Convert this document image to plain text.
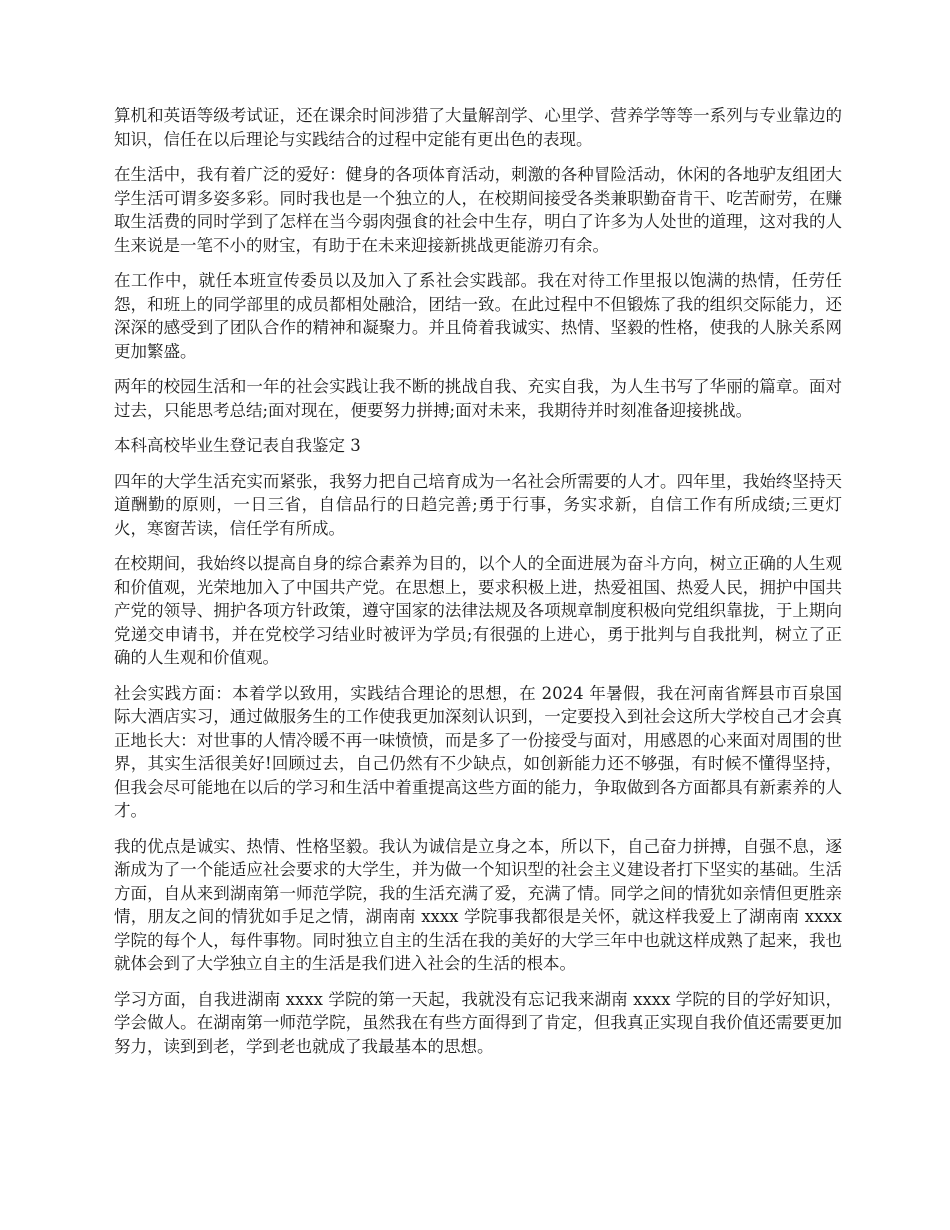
算机和英语等级考试证，还在课余时间涉猎了大量解剖学、心里学、营养学等等一系列与专业靠边的知识，信任在以后理论与实践结合的过程中定能有更出色的表现。

在生活中，我有着广泛的爱好：健身的各项体育活动，刺激的各种冒险活动，休闲的各地驴友组团大学生活可谓多姿多彩。同时我也是一个独立的人，在校期间接受各类兼职勤奋肯干、吃苦耐劳，在赚取生活费的同时学到了怎样在当今弱肉强食的社会中生存，明白了许多为人处世的道理，这对我的人生来说是一笔不小的财宝，有助于在未来迎接新挑战更能游刃有余。

在工作中，就任本班宣传委员以及加入了系社会实践部。我在对待工作里报以饱满的热情，任劳任怨，和班上的同学部里的成员都相处融洽，团结一致。在此过程中不但锻炼了我的组织交际能力，还深深的感受到了团队合作的精神和凝聚力。并且倚着我诚实、热情、坚毅的性格，使我的人脉关系网更加繁盛。

两年的校园生活和一年的社会实践让我不断的挑战自我、充实自我，为人生书写了华丽的篇章。面对过去，只能思考总结;面对现在，便要努力拼搏;面对未来，我期待并时刻准备迎接挑战。

本科高校毕业生登记表自我鉴定 3

四年的大学生活充实而紧张，我努力把自己培育成为一名社会所需要的人才。四年里，我始终坚持天道酬勤的原则，一日三省，自信品行的日趋完善;勇于行事，务实求新，自信工作有所成绩;三更灯火，寒窗苦读，信任学有所成。

在校期间，我始终以提高自身的综合素养为目的，以个人的全面进展为奋斗方向，树立正确的人生观和价值观，光荣地加入了中国共产党。在思想上，要求积极上进，热爱祖国、热爱人民，拥护中国共产党的领导、拥护各项方针政策，遵守国家的法律法规及各项规章制度积极向党组织靠拢，于上期向党递交申请书，并在党校学习结业时被评为学员;有很强的上进心，勇于批判与自我批判，树立了正确的人生观和价值观。

社会实践方面：本着学以致用，实践结合理论的思想，在 2024 年暑假，我在河南省辉县市百泉国际大酒店实习，通过做服务生的工作使我更加深刻认识到，一定要投入到社会这所大学校自己才会真正地长大：对世事的人情冷暖不再一味愤愤，而是多了一份接受与面对，用感恩的心来面对周围的世界，其实生活很美好!回顾过去，自己仍然有不少缺点，如创新能力还不够强，有时候不懂得坚持，但我会尽可能地在以后的学习和生活中着重提高这些方面的能力，争取做到各方面都具有新素养的人才。

我的优点是诚实、热情、性格坚毅。我认为诚信是立身之本，所以下，自己奋力拼搏，自强不息，逐渐成为了一个能适应社会要求的大学生，并为做一个知识型的社会主义建设者打下坚实的基础。生活方面，自从来到湖南第一师范学院，我的生活充满了爱，充满了情。同学之间的情犹如亲情但更胜亲情，朋友之间的情犹如手足之情，湖南南 xxxx 学院事我都很是关怀，就这样我爱上了湖南南 xxxx 学院的每个人，每件事物。同时独立自主的生活在我的美好的大学三年中也就这样成熟了起来，我也就体会到了大学独立自主的生活是我们进入社会的生活的根本。

学习方面，自我进湖南 xxxx 学院的第一天起，我就没有忘记我来湖南 xxxx 学院的目的学好知识，学会做人。在湖南第一师范学院，虽然我在有些方面得到了肯定，但我真正实现自我价值还需要更加努力，读到到老，学到老也就成了我最基本的思想。
